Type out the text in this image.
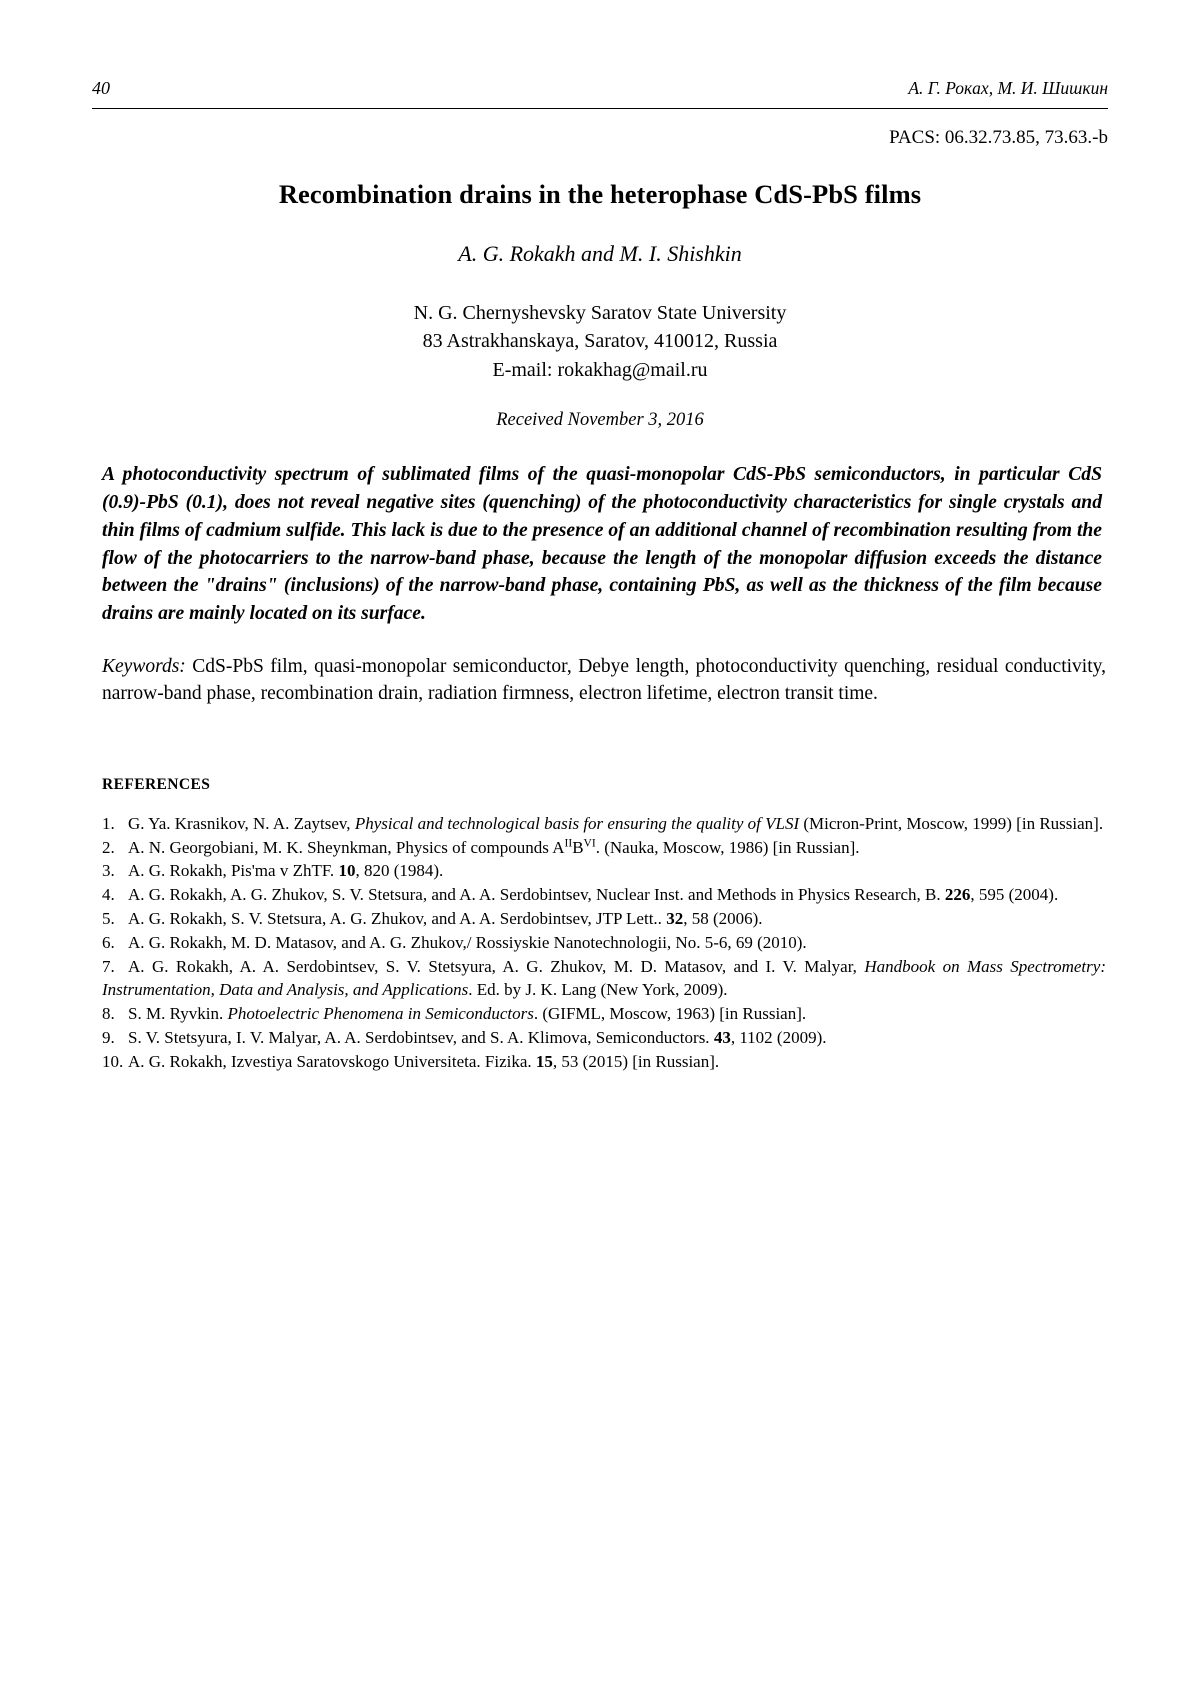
40	А. Г. Рокax, М. И. Шишкин
PACS: 06.32.73.85, 73.63.-b
Recombination drains in the heterophase CdS-PbS films
A. G. Rokakh and M. I. Shishkin
N. G. Chernyshevsky Saratov State University
83 Astrakhanskaya, Saratov, 410012, Russia
E-mail: rokakhag@mail.ru
Received November 3, 2016
A photoconductivity spectrum of sublimated films of the quasi-monopolar CdS-PbS semiconductors, in particular CdS (0.9)-PbS (0.1), does not reveal negative sites (quenching) of the photoconductivity characteristics for single crystals and thin films of cadmium sulfide. This lack is due to the presence of an additional channel of recombination resulting from the flow of the photocarriers to the narrow-band phase, because the length of the monopolar diffusion exceeds the distance between the "drains" (inclusions) of the narrow-band phase, containing PbS, as well as the thickness of the film because drains are mainly located on its surface.
Keywords: CdS-PbS film, quasi-monopolar semiconductor, Debye length, photoconductivity quenching, residual conductivity, narrow-band phase, recombination drain, radiation firmness, electron lifetime, electron transit time.
REFERENCES

1. G. Ya. Krasnikov, N. A. Zaytsev, Physical and technological basis for ensuring the quality of VLSI (Micron-Print, Moscow, 1999) [in Russian].

2. A. N. Georgobiani, M. K. Sheynkman, Physics of compounds $A^{II}B^{VI}$. (Nauka, Moscow, 1986) [in Russian].

3. A. G. Rokakh, Pis'ma v ZhTF. 10, 820 (1984).

4. A. G. Rokakh, A. G. Zhukov, S. V. Stetsura, and A. A. Serdobintsev, Nuclear Inst. and Methods in Physics Research, B. 226, 595 (2004).

5. A. G. Rokakh, S. V. Stetsura, A. G. Zhukov, and A. A. Serdobintsev, JTP Lett.. 32, 58 (2006).

6. A. G. Rokakh, M. D. Matasov, and A. G. Zhukov,/ Rossiyskie Nanotechnologii, No. 5-6, 69 (2010).

7. A. G. Rokakh, A. A. Serdobintsev, S. V. Stetsyura, A. G. Zhukov, M. D. Matasov, and I. V. Malyar, Handbook on Mass Spectrometry: Instrumentation, Data and Analysis, and Applications. Ed. by J. K. Lang (New York, 2009).

8. S. M. Ryvkin. Photoelectric Phenomena in Semiconductors. (GIFML, Moscow, 1963) [in Russian].

9. S. V. Stetsyura, I. V. Malyar, A. A. Serdobintsev, and S. A. Klimova, Semiconductors. 43, 1102 (2009).

10. A. G. Rokakh, Izvestiya Saratovskogo Universiteta. Fizika. 15, 53 (2015) [in Russian].
